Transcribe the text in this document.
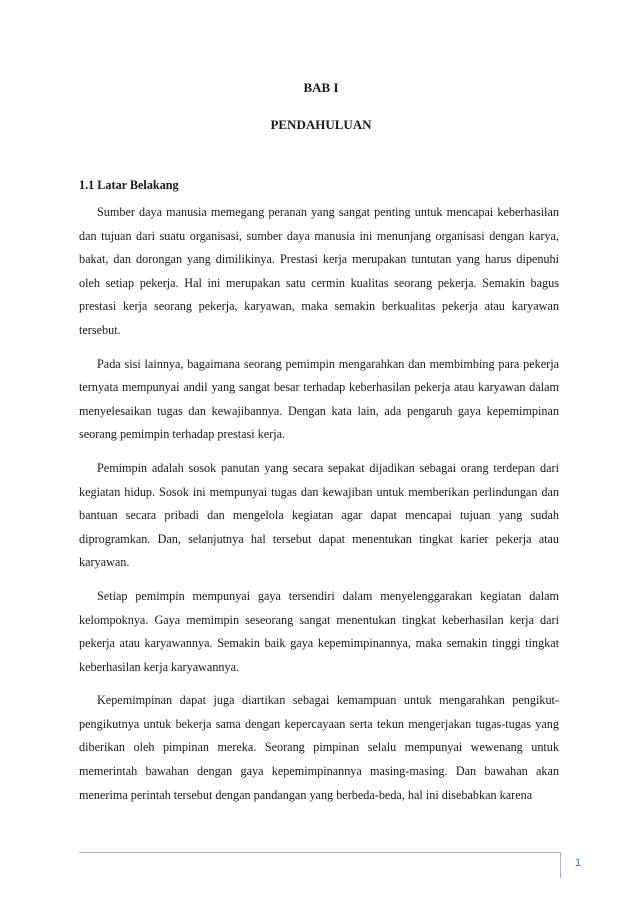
BAB I
PENDAHULUAN
1.1 Latar Belakang

Sumber daya manusia memegang peranan yang sangat penting untuk mencapai keberhasilan dan tujuan dari suatu organisasi, sumber daya manusia ini menunjang organisasi dengan karya, bakat, dan dorongan yang dimilikinya. Prestasi kerja merupakan tuntutan yang harus dipenuhi oleh setiap pekerja. Hal ini merupakan satu cermin kualitas seorang pekerja. Semakin bagus prestasi kerja seorang pekerja, karyawan, maka semakin berkualitas pekerja atau karyawan tersebut.

Pada sisi lainnya, bagaimana seorang pemimpin mengarahkan dan membimbing para pekerja ternyata mempunyai andil yang sangat besar terhadap keberhasilan pekerja atau karyawan dalam menyelesaikan tugas dan kewajibannya. Dengan kata lain, ada pengaruh gaya kepemimpinan seorang pemimpin terhadap prestasi kerja.

Pemimpin adalah sosok panutan yang secara sepakat dijadikan sebagai orang terdepan dari kegiatan hidup. Sosok ini mempunyai tugas dan kewajiban untuk memberikan perlindungan dan bantuan secara pribadi dan mengelola kegiatan agar dapat mencapai tujuan yang sudah diprogramkan. Dan, selanjutnya hal tersebut dapat menentukan tingkat karier pekerja atau karyawan.

Setiap pemimpin mempunyai gaya tersendiri dalam menyelenggarakan kegiatan dalam kelompoknya. Gaya memimpin seseorang sangat menentukan tingkat keberhasilan kerja dari pekerja atau karyawannya. Semakin baik gaya kepemimpinannya, maka semakin tinggi tingkat keberhasilan kerja karyawannya.

Kepemimpinan dapat juga diartikan sebagai kemampuan untuk mengarahkan pengikut-pengikutnya untuk bekerja sama dengan kepercayaan serta tekun mengerjakan tugas-tugas yang diberikan oleh pimpinan mereka. Seorang pimpinan selalu mempunyai wewenang untuk memerintah bawahan dengan gaya kepemimpinannya masing-masing. Dan bawahan akan menerima perintah tersebut dengan pandangan yang berbeda-beda, hal ini disebabkan karena

1
